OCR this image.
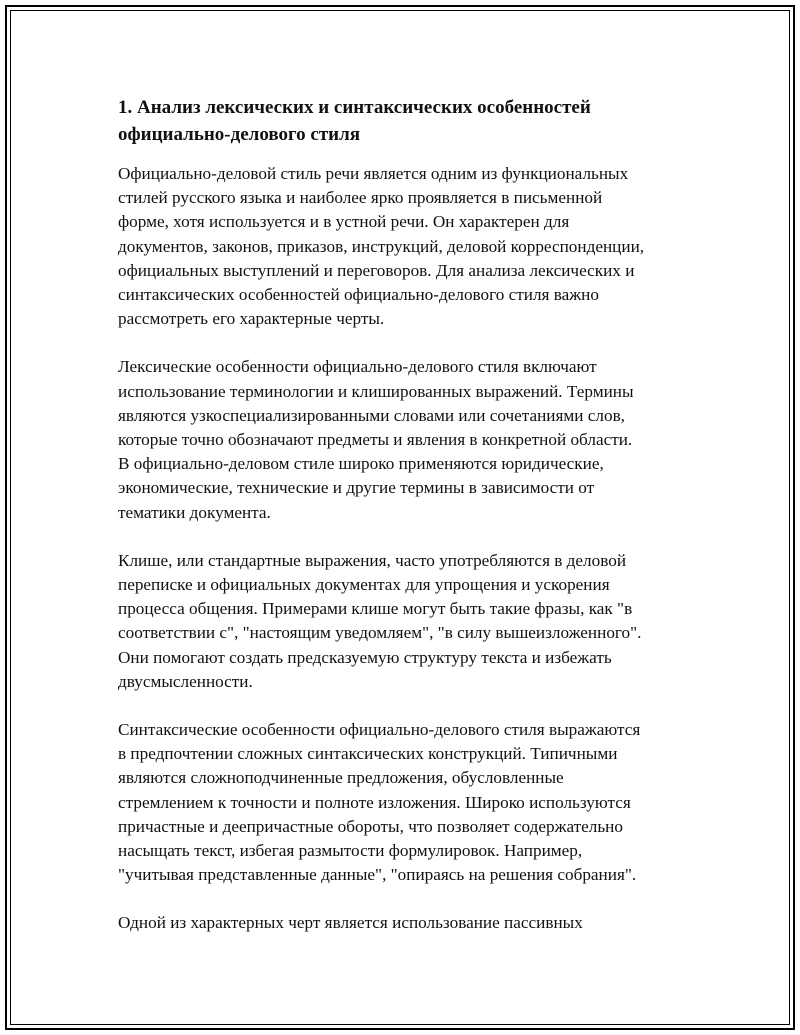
1. Анализ лексических и синтаксических особенностей
официально-делового стиля

Официально-деловой стиль речи является одним из функциональных
стилей русского языка и наиболее ярко проявляется в письменной
форме, хотя используется и в устной речи. Он характерен для
документов, законов, приказов, инструкций, деловой корреспонденции,
официальных выступлений и переговоров. Для анализа лексических и
синтаксических особенностей официально-делового стиля важно
рассмотреть его характерные черты.

Лексические особенности официально-делового стиля включают
использование терминологии и клишированных выражений. Термины
являются узкоспециализированными словами или сочетаниями слов,
которые точно обозначают предметы и явления в конкретной области.
В официально-деловом стиле широко применяются юридические,
экономические, технические и другие термины в зависимости от
тематики документа.

Клише, или стандартные выражения, часто употребляются в деловой
переписке и официальных документах для упрощения и ускорения
процесса общения. Примерами клише могут быть такие фразы, как "в
соответствии с", "настоящим уведомляем", "в силу вышеизложенного".
Они помогают создать предсказуемую структуру текста и избежать
двусмысленности.

Синтаксические особенности официально-делового стиля выражаются
в предпочтении сложных синтаксических конструкций. Типичными
являются сложноподчиненные предложения, обусловленные
стремлением к точности и полноте изложения. Широко используются
причастные и деепричастные обороты, что позволяет содержательно
насыщать текст, избегая размытости формулировок. Например,
"учитывая представленные данные", "опираясь на решения собрания".

Одной из характерных черт является использование пассивных
